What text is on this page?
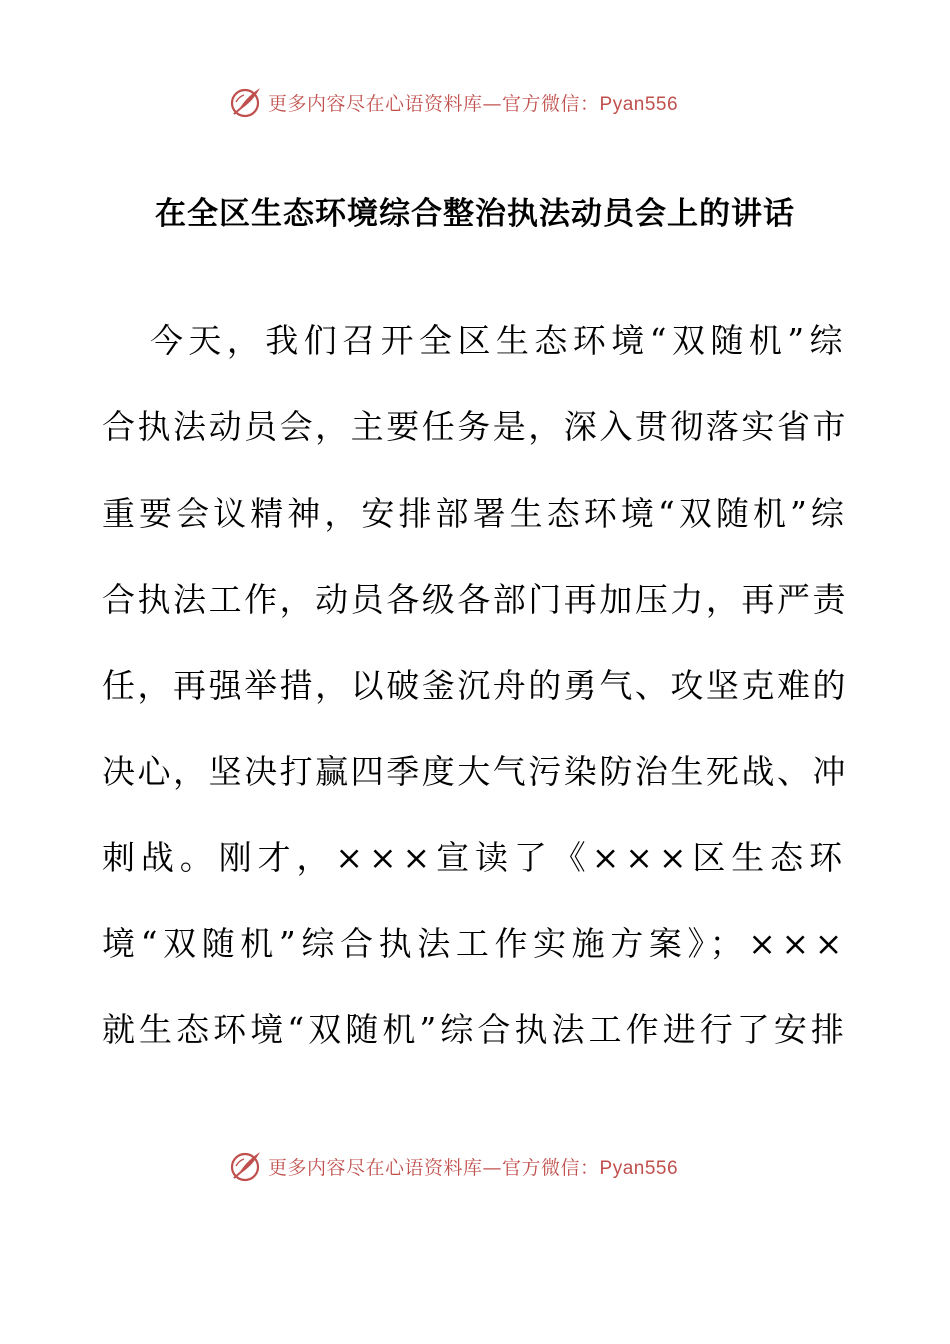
更多内容尽在心语资料库—官方微信：Pyan556
在全区生态环境综合整治执法动员会上的讲话
今天，我们召开全区生态环境“双随机”综
合执法动员会，主要任务是，深入贯彻落实省市
重要会议精神，安排部署生态环境“双随机”综
合执法工作，动员各级各部门再加压力，再严责
任，再强举措，以破釜沉舟的勇气、攻坚克难的
决心，坚决打赢四季度大气污染防治生死战、冲
刺战。刚才，×××宣读了《×××区生态环
境“双随机”综合执法工作实施方案》；×××
就生态环境“双随机”综合执法工作进行了安排
更多内容尽在心语资料库—官方微信：Pyan556
